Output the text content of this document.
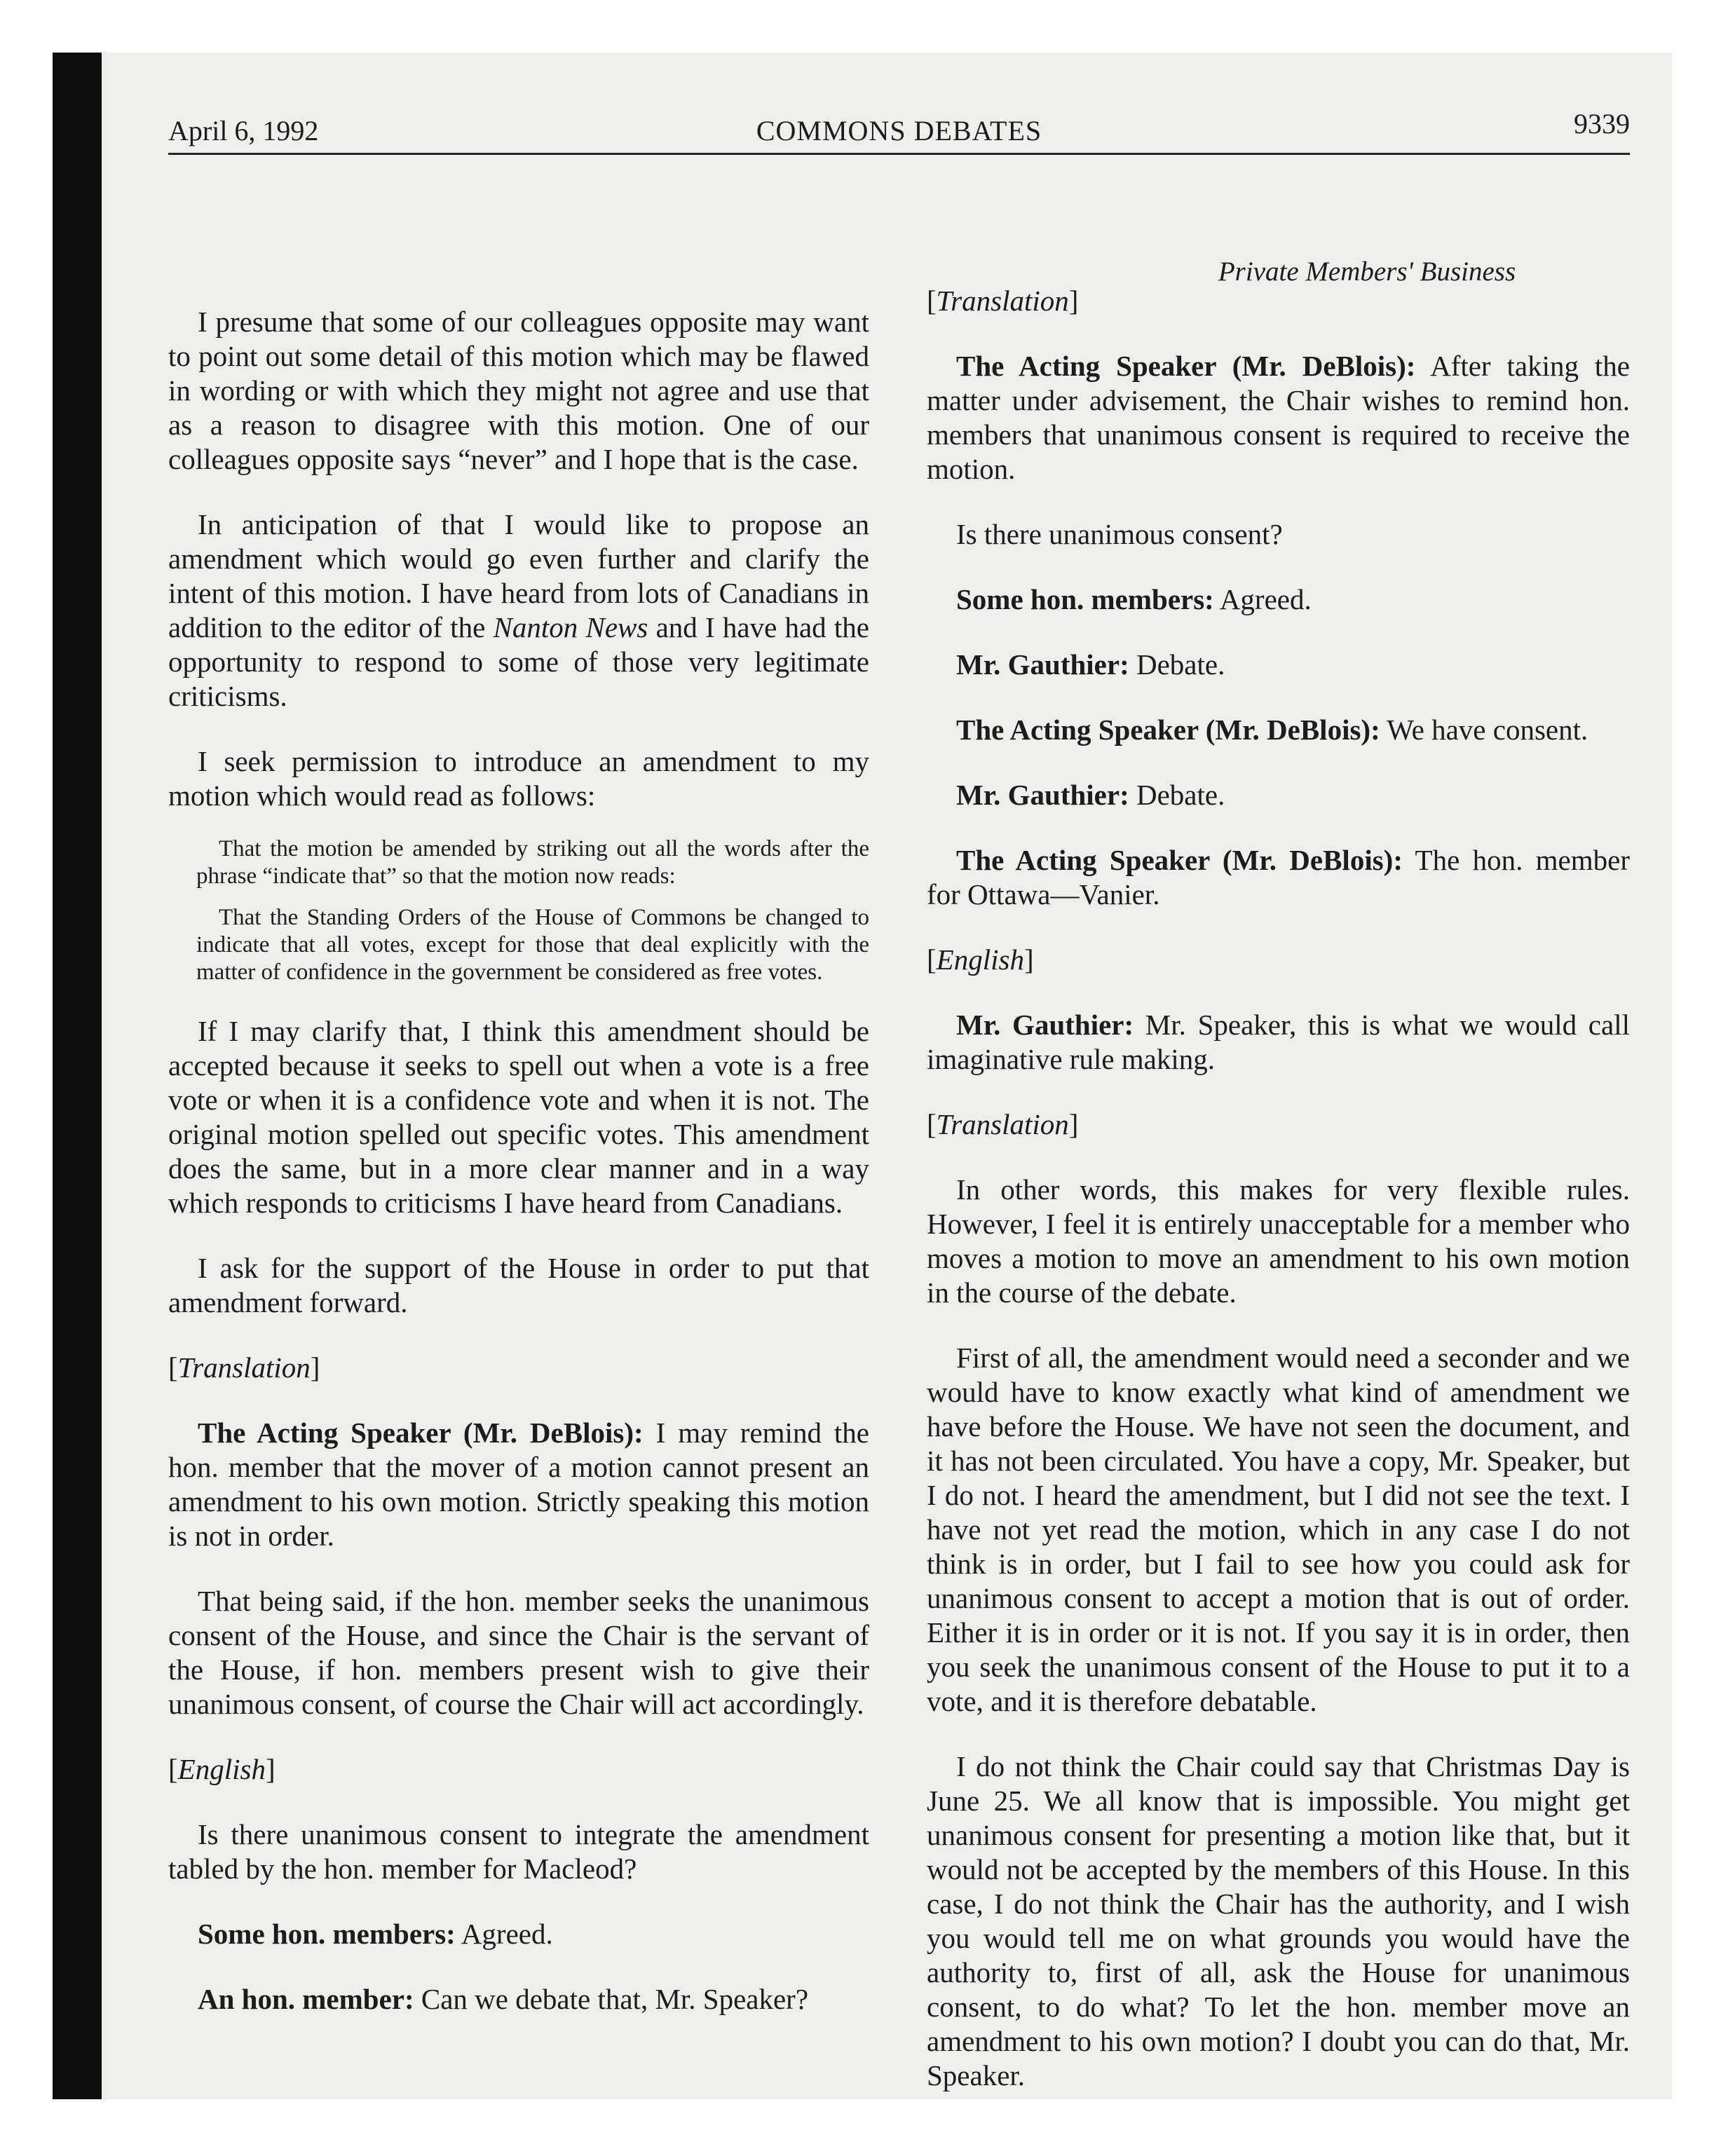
April 6, 1992	COMMONS DEBATES	9339
Private Members' Business

I presume that some of our colleagues opposite may want to point out some detail of this motion which may be flawed in wording or with which they might not agree and use that as a reason to disagree with this motion. One of our colleagues opposite says “never” and I hope that is the case.

In anticipation of that I would like to propose an amendment which would go even further and clarify the intent of this motion. I have heard from lots of Canadians in addition to the editor of the Nanton News and I have had the opportunity to respond to some of those very legitimate criticisms.

I seek permission to introduce an amendment to my motion which would read as follows:

That the motion be amended by striking out all the words after the phrase “indicate that” so that the motion now reads:

That the Standing Orders of the House of Commons be changed to indicate that all votes, except for those that deal explicitly with the matter of confidence in the government be considered as free votes.

If I may clarify that, I think this amendment should be accepted because it seeks to spell out when a vote is a free vote or when it is a confidence vote and when it is not. The original motion spelled out specific votes. This amendment does the same, but in a more clear manner and in a way which responds to criticisms I have heard from Canadians.

I ask for the support of the House in order to put that amendment forward.

[Translation]

The Acting Speaker (Mr. DeBlois): I may remind the hon. member that the mover of a motion cannot present an amendment to his own motion. Strictly speaking this motion is not in order.

That being said, if the hon. member seeks the unanimous consent of the House, and since the Chair is the servant of the House, if hon. members present wish to give their unanimous consent, of course the Chair will act accordingly.

[English]

Is there unanimous consent to integrate the amendment tabled by the hon. member for Macleod?

Some hon. members: Agreed.

An hon. member: Can we debate that, Mr. Speaker?

[Translation]

The Acting Speaker (Mr. DeBlois): After taking the matter under advisement, the Chair wishes to remind hon. members that unanimous consent is required to receive the motion.

Is there unanimous consent?

Some hon. members: Agreed.

Mr. Gauthier: Debate.

The Acting Speaker (Mr. DeBlois): We have consent.

Mr. Gauthier: Debate.

The Acting Speaker (Mr. DeBlois): The hon. member for Ottawa—Vanier.

[English]

Mr. Gauthier: Mr. Speaker, this is what we would call imaginative rule making.

[Translation]

In other words, this makes for very flexible rules. However, I feel it is entirely unacceptable for a member who moves a motion to move an amendment to his own motion in the course of the debate.

First of all, the amendment would need a seconder and we would have to know exactly what kind of amendment we have before the House. We have not seen the document, and it has not been circulated. You have a copy, Mr. Speaker, but I do not. I heard the amendment, but I did not see the text. I have not yet read the motion, which in any case I do not think is in order, but I fail to see how you could ask for unanimous consent to accept a motion that is out of order. Either it is in order or it is not. If you say it is in order, then you seek the unanimous consent of the House to put it to a vote, and it is therefore debatable.

I do not think the Chair could say that Christmas Day is June 25. We all know that is impossible. You might get unanimous consent for presenting a motion like that, but it would not be accepted by the members of this House. In this case, I do not think the Chair has the authority, and I wish you would tell me on what grounds you would have the authority to, first of all, ask the House for unanimous consent, to do what? To let the hon. member move an amendment to his own motion? I doubt you can do that, Mr. Speaker.
